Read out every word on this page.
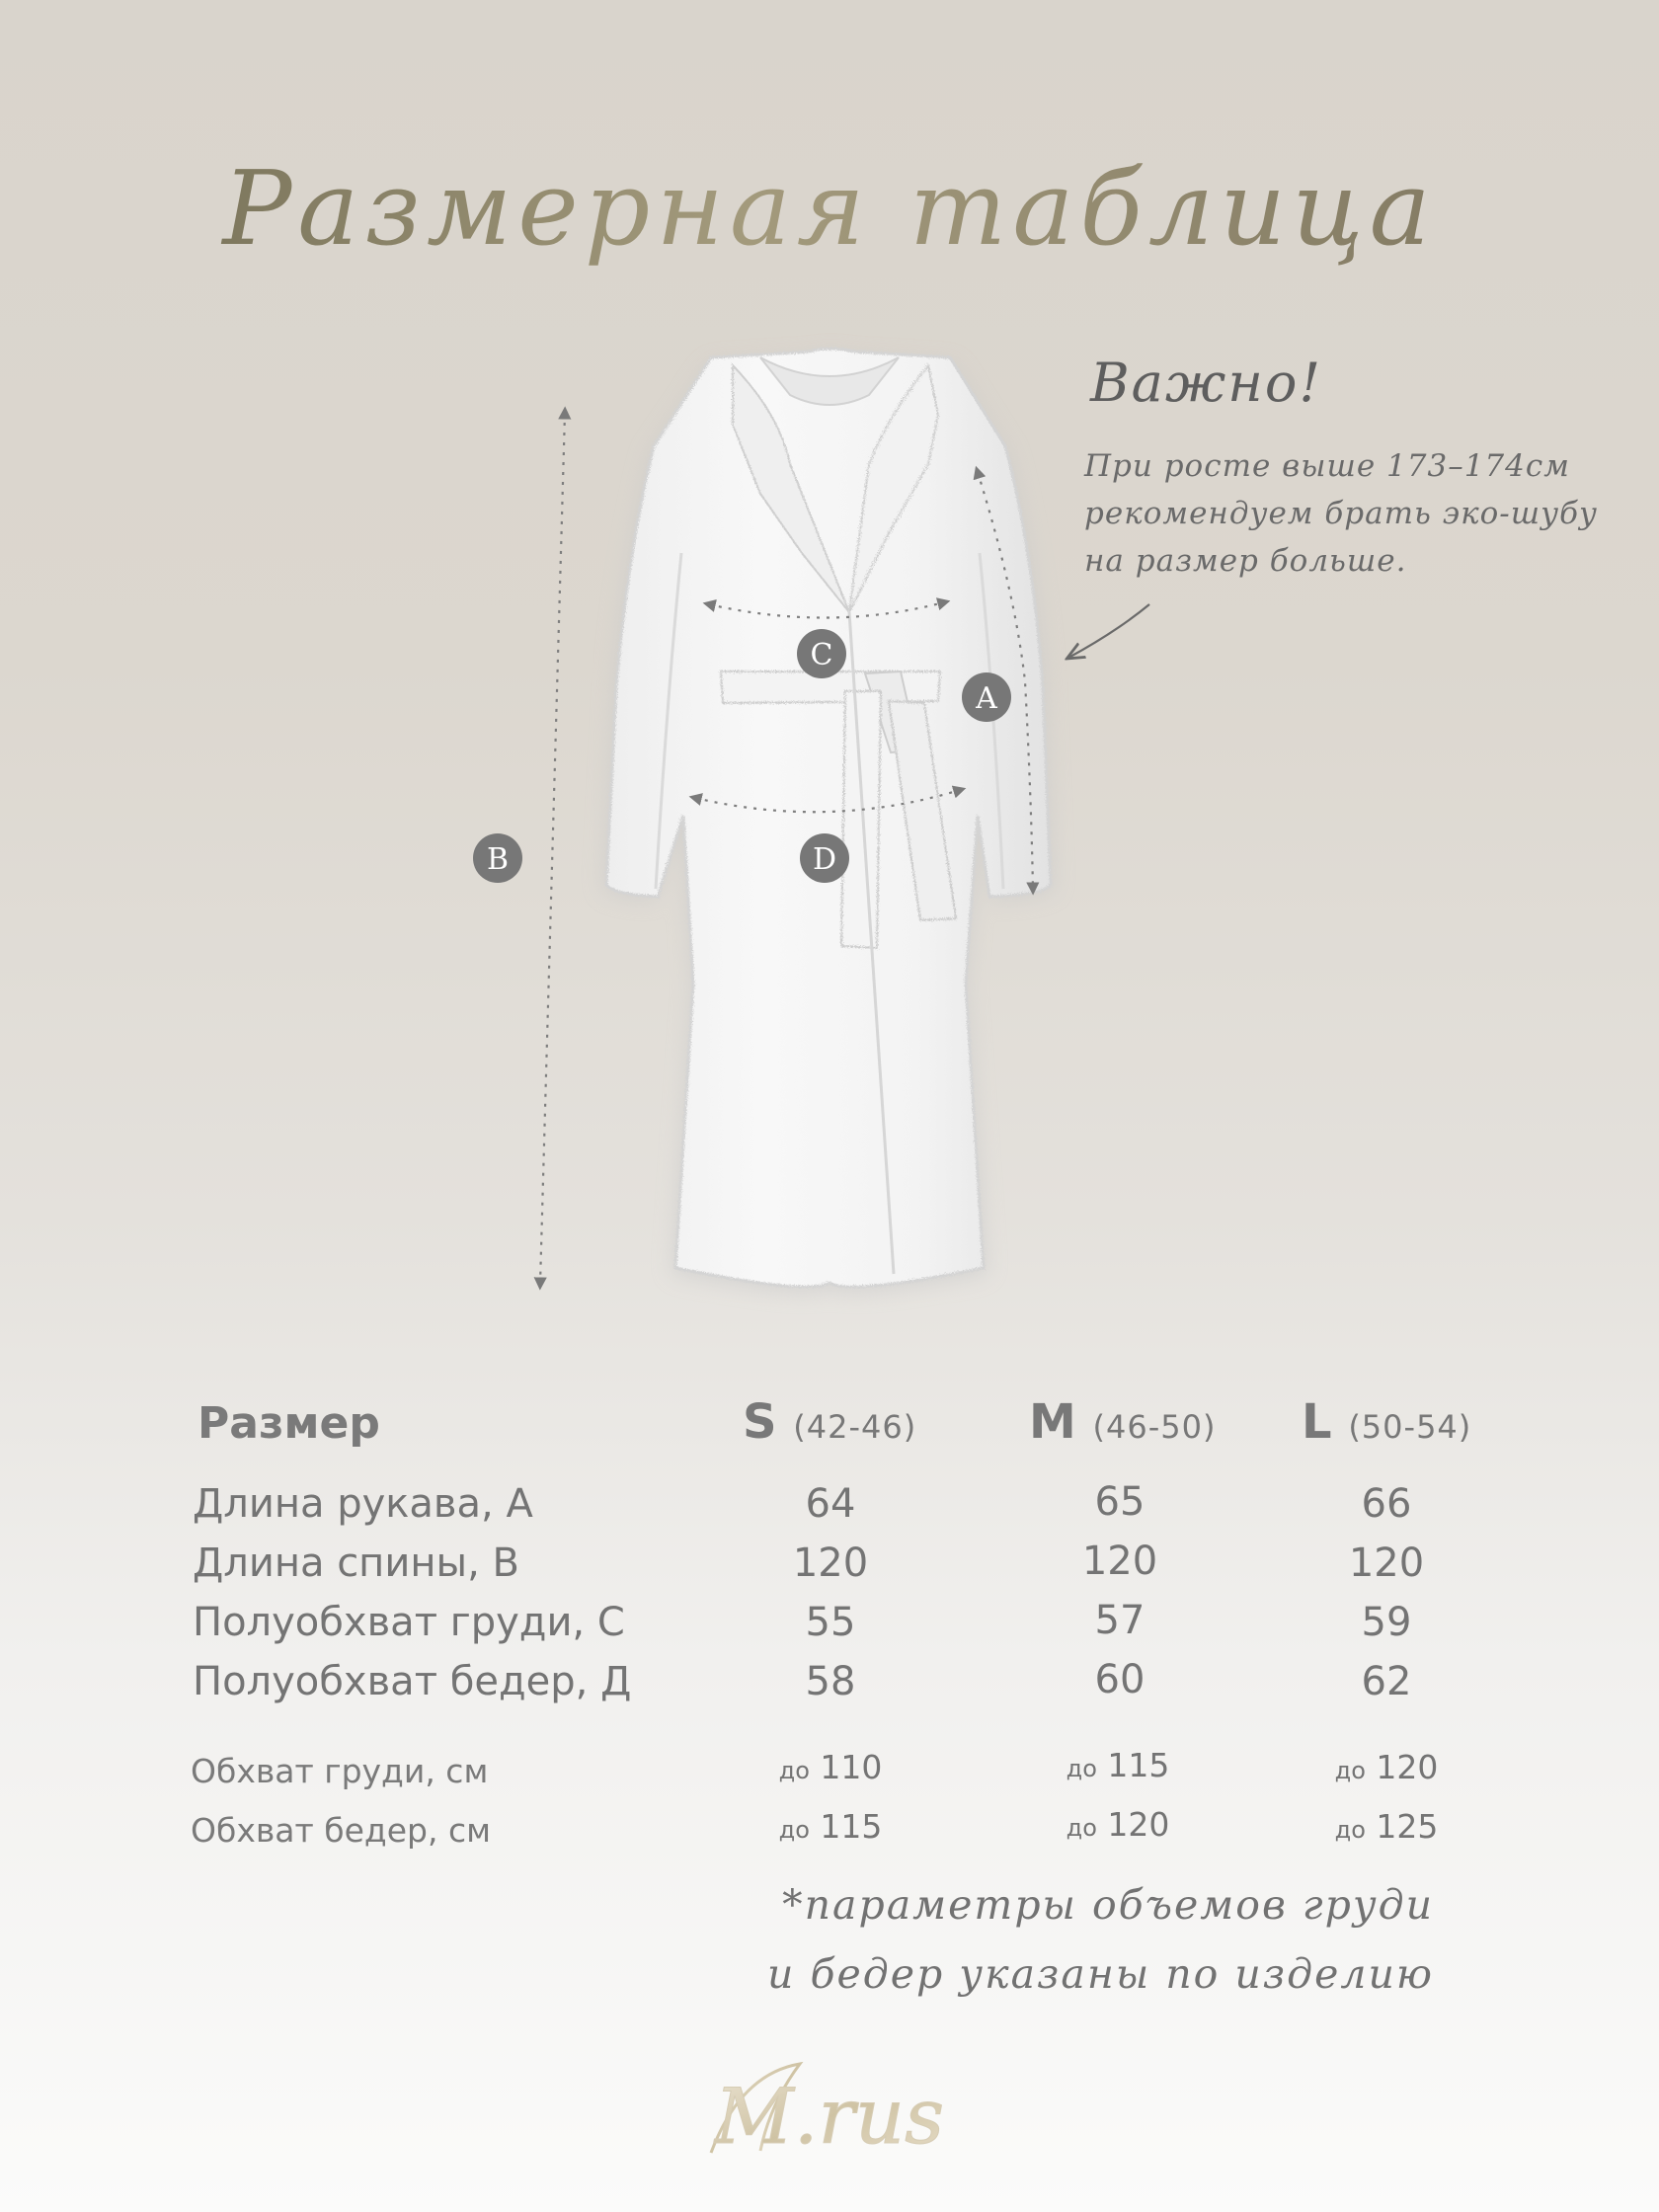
Размерная таблица
A
B
C
D
Важно!
При росте выше 173–174см
рекомендуем брать эко-шубу
на размер больше.
Размер	S (42-46) M (46-50) L (50-54)
Длина рукава, А	64	65	66
Длина спины, В	120	120	120
Полуобхват груди, С	55	57	59
Полуобхват бедер, Д	58	60	62
Обхват груди, см	до 110	до 115	до 120
Обхват бедер, см	до 115	до 120	до 125
*параметры объемов груди
и бедер указаны по изделию
M.rus
